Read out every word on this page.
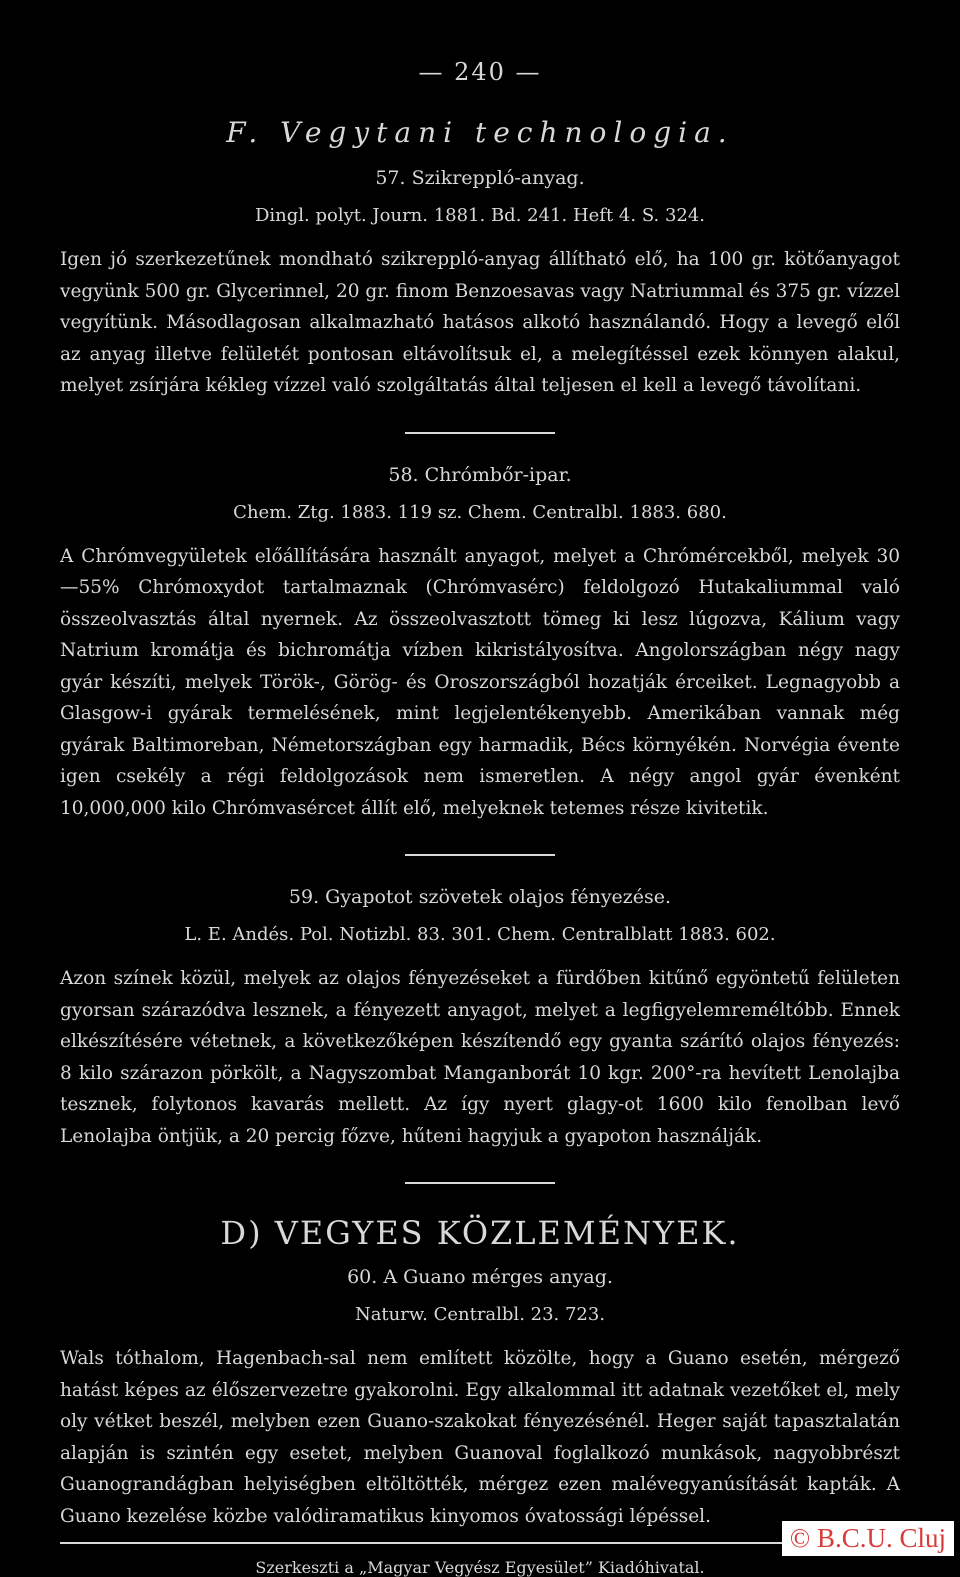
— 240 —
F. Vegytani technologia.
57. Szikreppló-anyag.
Dingl. polyt. Journ. 1881. Bd. 241. Heft 4. S. 324.

Igen jó szerkezetűnek mondható szikreppló-anyag állítható elő, ha 100 gr. kötőanyagot vegyünk 500 gr. Glycerinnel, 20 gr. finom Benzoesavas vagy Natriummal és 375 gr. vízzel vegyítünk. Másodlagosan alkalmazható hatásos alkotó használandó. Hogy a levegő elől az anyag illetve felületét pontosan eltávolítsuk el, a melegítéssel ezek könnyen alakul, melyet zsírjára kékleg vízzel való szolgáltatás által teljesen el kell a levegő távolítani.

58. Chrómbőr-ipar.
Chem. Ztg. 1883. 119 sz. Chem. Centralbl. 1883. 680.

A Chrómvegyületek előállítására használt anyagot, melyet a Chrómércekből, melyek 30—55% Chrómoxydot tartalmaznak (Chrómvasérc) feldolgozó Hutakaliummal való összeolvasztás által nyernek. Az összeolvasztott tömeg ki lesz lúgozva, Kálium vagy Natrium kromátja és bichromátja vízben kikristályosítva. Angolországban négy nagy gyár készíti, melyek Török-, Görög- és Oroszországból hozatják érceiket. Legnagyobb a Glasgow-i gyárak termelésének, mint legjelentékenyebb. Amerikában vannak még gyárak Baltimoreban, Németországban egy harmadik, Bécs környékén. Norvégia évente igen csekély a régi feldolgozások nem ismeretlen. A négy angol gyár évenként 10,000,000 kilo Chrómvasércet állít elő, melyeknek tetemes része kivitetik.

59. Gyapotot szövetek olajos fényezése.
L. E. Andés. Pol. Notizbl. 83. 301. Chem. Centralblatt 1883. 602.

Azon színek közül, melyek az olajos fényezéseket a fürdőben kitűnő egyöntetű felületen gyorsan szárazódva lesznek, a fényezett anyagot, melyet a legfigyelemreméltóbb. Ennek elkészítésére vétetnek, a következőképen készítendő egy gyanta szárító olajos fényezés: 8 kilo szárazon pörkölt, a Nagyszombat Manganborát 10 kgr. 200°-ra hevített Lenolajba tesznek, folytonos kavarás mellett. Az így nyert glagy-ot 1600 kilo fenolban levő Lenolajba öntjük, a 20 percig főzve, hűteni hagyjuk a gyapoton használják.

D) VEGYES KÖZLEMÉNYEK.
60. A Guano mérges anyag.
Naturw. Centralbl. 23. 723.

Wals tóthalom, Hagenbach-sal nem említett közölte, hogy a Guano esetén, mérgező hatást képes az élőszervezetre gyakorolni. Egy alkalommal itt adatnak vezetőket el, mely oly vétket beszél, melyben ezen Guano-szakokat fényezésénél. Heger saját tapasztalatán alapján is szintén egy esetet, melyben Guanoval foglalkozó munkások, nagyobbrészt Guanograndágban helyiségben eltöltötték, mérgez ezen malévegyanúsítását kapták. A Guano kezelése közbe valódiramatikus kinyomos óvatossági lépéssel.

Szerkeszti a „Magyar Vegyész Egyesület” Kiadóhivatal.
© B.C.U. Cluj
